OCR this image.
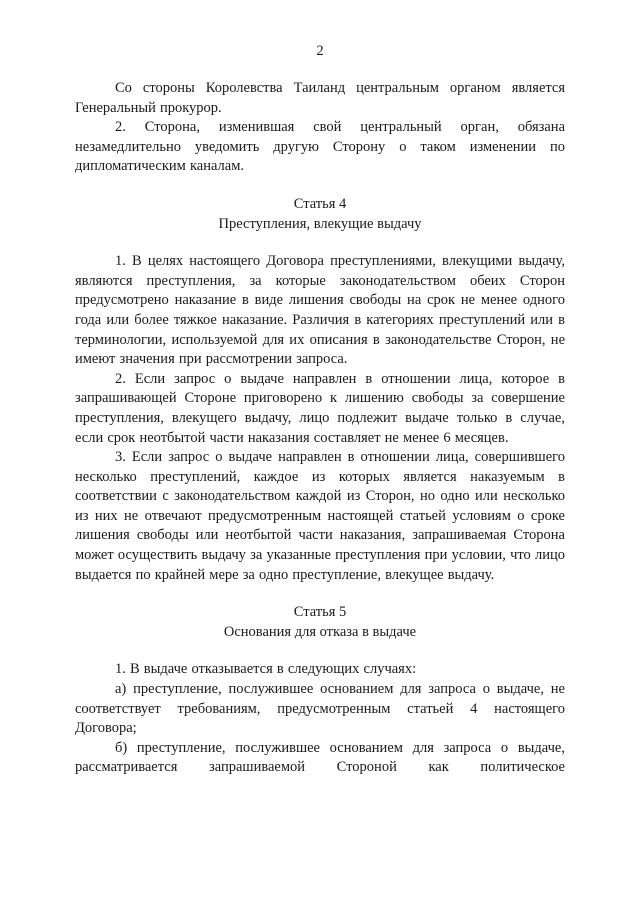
2

Со стороны Королевства Таиланд центральным органом является Генеральный прокурор.

2. Сторона, изменившая свой центральный орган, обязана незамедлительно уведомить другую Сторону о таком изменении по дипломатическим каналам.

Статья 4
Преступления, влекущие выдачу

1. В целях настоящего Договора преступлениями, влекущими выдачу, являются преступления, за которые законодательством обеих Сторон предусмотрено наказание в виде лишения свободы на срок не менее одного года или более тяжкое наказание. Различия в категориях преступлений или в терминологии, используемой для их описания в законодательстве Сторон, не имеют значения при рассмотрении запроса.

2. Если запрос о выдаче направлен в отношении лица, которое в запрашивающей Стороне приговорено к лишению свободы за совершение преступления, влекущего выдачу, лицо подлежит выдаче только в случае, если срок неотбытой части наказания составляет не менее 6 месяцев.

3. Если запрос о выдаче направлен в отношении лица, совершившего несколько преступлений, каждое из которых является наказуемым в соответствии с законодательством каждой из Сторон, но одно или несколько из них не отвечают предусмотренным настоящей статьей условиям о сроке лишения свободы или неотбытой части наказания, запрашиваемая Сторона может осуществить выдачу за указанные преступления при условии, что лицо выдается по крайней мере за одно преступление, влекущее выдачу.

Статья 5
Основания для отказа в выдаче

1. В выдаче отказывается в следующих случаях:

а) преступление, послужившее основанием для запроса о выдаче, не соответствует требованиям, предусмотренным статьей 4 настоящего Договора;

б) преступление, послужившее основанием для запроса о выдаче, рассматривается запрашиваемой Стороной как политическое
